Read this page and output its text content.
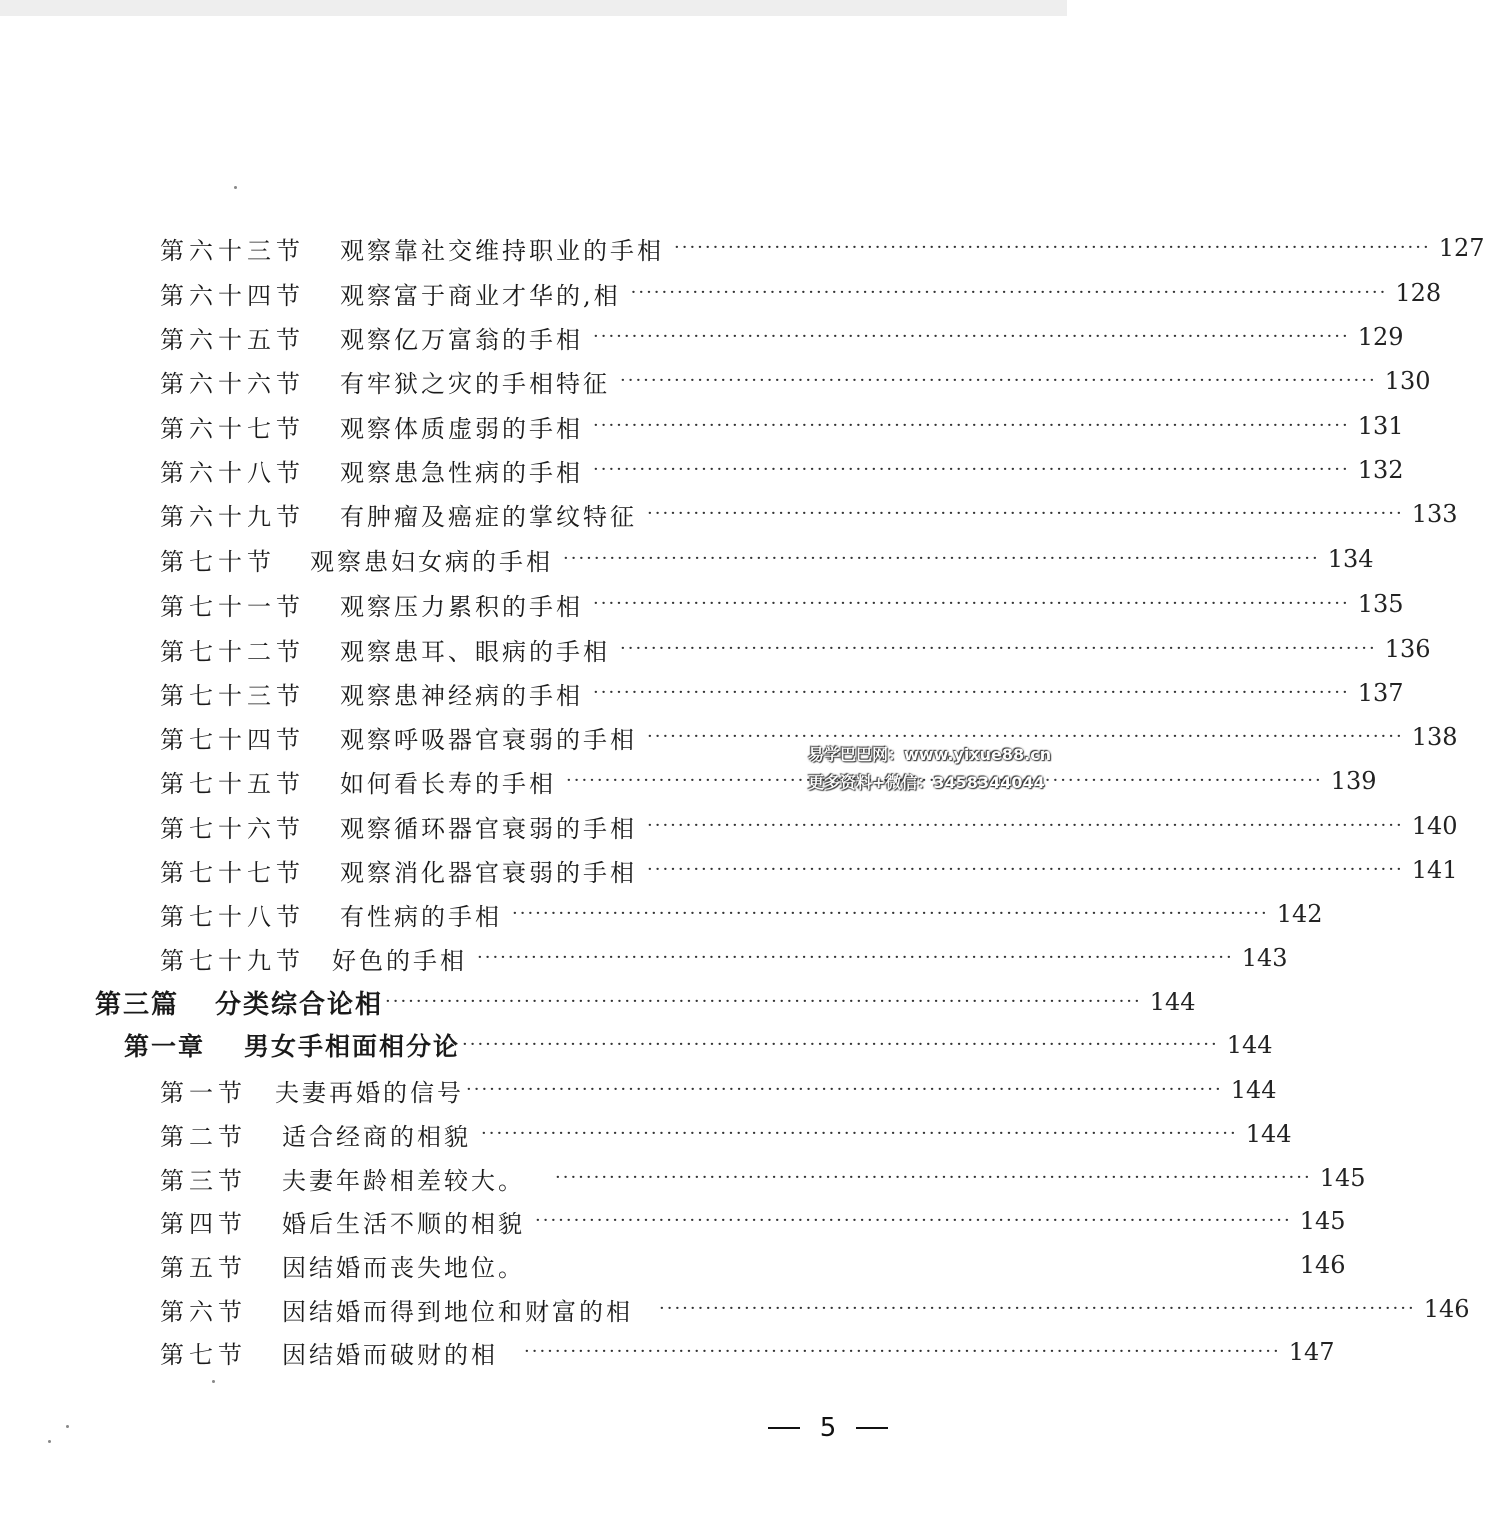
第六十三节	观察靠社交维持职业的手相 ·····	127
第六十四节	观察富于商业才华的,相 ·····	128
第六十五节	观察亿万富翁的手相 ·····	129
第六十六节	有牢狱之灾的手相特征 ·····	130
第六十七节	观察体质虚弱的手相 ·····	131
第六十八节	观察患急性病的手相 ·····	132
第六十九节	有肿瘤及癌症的掌纹特征 ·····	133
第七十节	观察患妇女病的手相 ·····	134
第七十一节	观察压力累积的手相 ·····	135
第七十二节	观察患耳、眼病的手相 ·····	136
第七十三节	观察患神经病的手相 ·····	137
第七十四节	观察呼吸器官衰弱的手相 ·····	138
第七十五节	如何看长寿的手相 ·····	139
第七十六节	观察循环器官衰弱的手相 ·····	140
第七十七节	观察消化器官衰弱的手相 ·····	141
第七十八节	有性病的手相 ·····	142
第七十九节	好色的手相 ·····	143
第三篇	分类综合论相 ·····	144
第一章	男女手相面相分论 ·····	144
第一节	夫妻再婚的信号 ·····	144
第二节	适合经商的相貌 ·····	144
第三节	夫妻年龄相差较大。 ·····	145
第四节	婚后生活不顺的相貌 ·····	145
第五节	因结婚而丧失地位。	146
第六节	因结婚而得到地位和财富的相 ·····	146
第七节	因结婚而破财的相 ·····	147
易学巴巴网：www.yixue88.cn
更多资料+微信：3458344044
5
